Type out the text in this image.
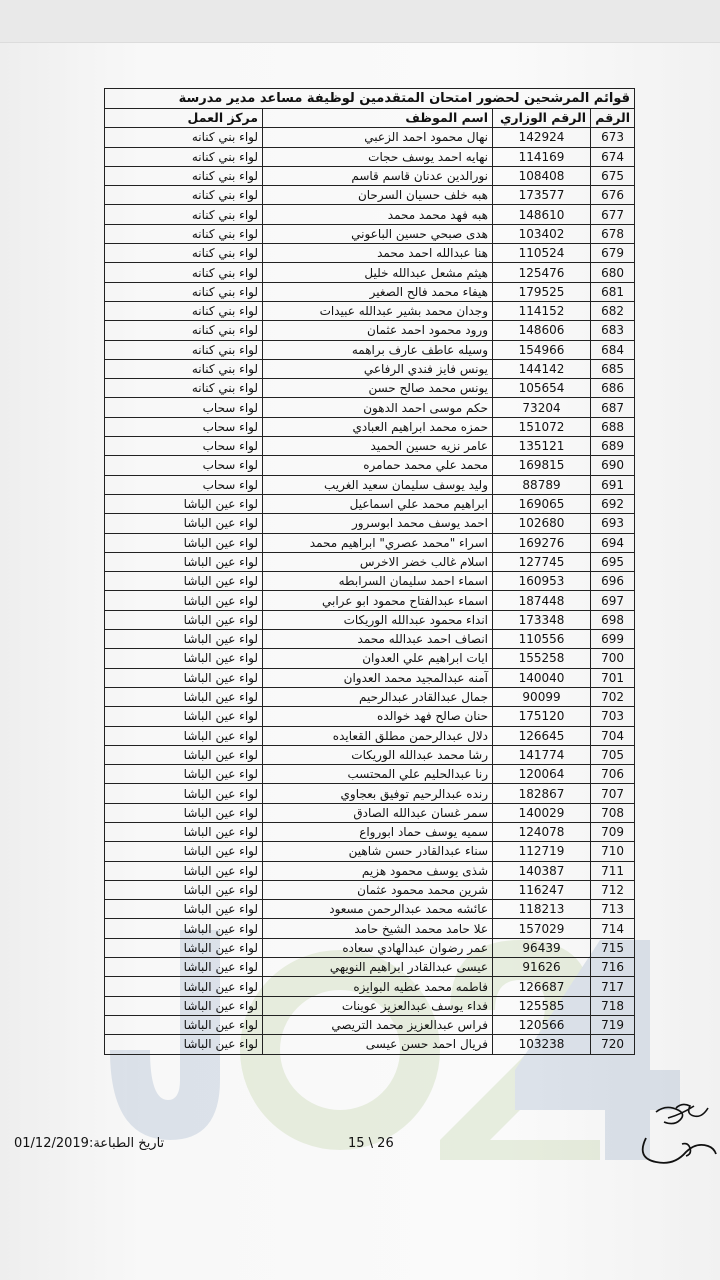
قوائم المرشحين لحضور امتحان المتقدمين لوظيفة مساعد مدير مدرسة			
الرقم	الرقم الوزاري	اسم الموظف	مركز العمل
673	142924	نهال محمود احمد الزعبي	لواء بني كنانه
674	114169	نهايه احمد يوسف حجات	لواء بني كنانه
675	108408	نورالدين عدنان قاسم قاسم	لواء بني كنانه
676	173577	هبه خلف حسيان السرحان	لواء بني كنانه
677	148610	هبه فهد محمد محمد	لواء بني كنانه
678	103402	هدى صبحي حسين الباعوني	لواء بني كنانه
679	110524	هنا عبدالله احمد محمد	لواء بني كنانه
680	125476	هيثم مشعل عبدالله خليل	لواء بني كنانه
681	179525	هيفاء محمد فالح الصغير	لواء بني كنانه
682	114152	وجدان محمد بشير عبدالله عبيدات	لواء بني كنانه
683	148606	ورود محمود احمد عثمان	لواء بني كنانه
684	154966	وسيله عاطف عارف براهمه	لواء بني كنانه
685	144142	يونس فايز فندي الرفاعي	لواء بني كنانه
686	105654	يونس محمد صالح حسن	لواء بني كنانه
687	73204	حكم موسى احمد الدهون	لواء سحاب
688	151072	حمزه محمد ابراهيم العبادي	لواء سحاب
689	135121	عامر نزيه حسين الحميد	لواء سحاب
690	169815	محمد علي محمد حمامره	لواء سحاب
691	88789	وليد يوسف سليمان سعيد الغريب	لواء سحاب
692	169065	ابراهيم محمد علي اسماعيل	لواء عين الباشا
693	102680	احمد يوسف محمد ابوسرور	لواء عين الباشا
694	169276	اسراء "محمد عصري" ابراهيم محمد	لواء عين الباشا
695	127745	اسلام غالب خضر الاخرس	لواء عين الباشا
696	160953	اسماء احمد سليمان السرابطه	لواء عين الباشا
697	187448	اسماء عبدالفتاح محمود ابو عرابي	لواء عين الباشا
698	173348	انداء محمود عبدالله الوريكات	لواء عين الباشا
699	110556	انصاف احمد عبدالله محمد	لواء عين الباشا
700	155258	ايات ابراهيم علي العدوان	لواء عين الباشا
701	140040	آمنه عبدالمجيد محمد العدوان	لواء عين الباشا
702	90099	جمال عبدالقادر عبدالرحيم	لواء عين الباشا
703	175120	حنان صالح فهد خوالده	لواء عين الباشا
704	126645	دلال عبدالرحمن مطلق القعايده	لواء عين الباشا
705	141774	رشا محمد عبدالله الوريكات	لواء عين الباشا
706	120064	رنا عبدالحليم علي المحتسب	لواء عين الباشا
707	182867	رنده عبدالرحيم توفيق بعجاوي	لواء عين الباشا
708	140029	سمر غسان عبدالله الصادق	لواء عين الباشا
709	124078	سميه يوسف حماد ابورواع	لواء عين الباشا
710	112719	سناء عبدالقادر حسن شاهين	لواء عين الباشا
711	140387	شذى يوسف محمود هزيم	لواء عين الباشا
712	116247	شرين محمد محمود عثمان	لواء عين الباشا
713	118213	عائشه محمد عبدالرحمن مسعود	لواء عين الباشا
714	157029	علا حامد محمد الشيخ حامد	لواء عين الباشا
715	96439	عمر رضوان عبدالهادي سعاده	لواء عين الباشا
716	91626	عيسى عبدالقادر ابراهيم النويهي	لواء عين الباشا
717	126687	فاطمه محمد عطيه البوايزه	لواء عين الباشا
718	125585	فداء يوسف عبدالعزيز عوينات	لواء عين الباشا
719	120566	فراس عبدالعزيز محمد التريصي	لواء عين الباشا
720	103238	فريال احمد حسن عيسى	لواء عين الباشا
15 \ 26
تاريخ الطباعة:01/12/2019
